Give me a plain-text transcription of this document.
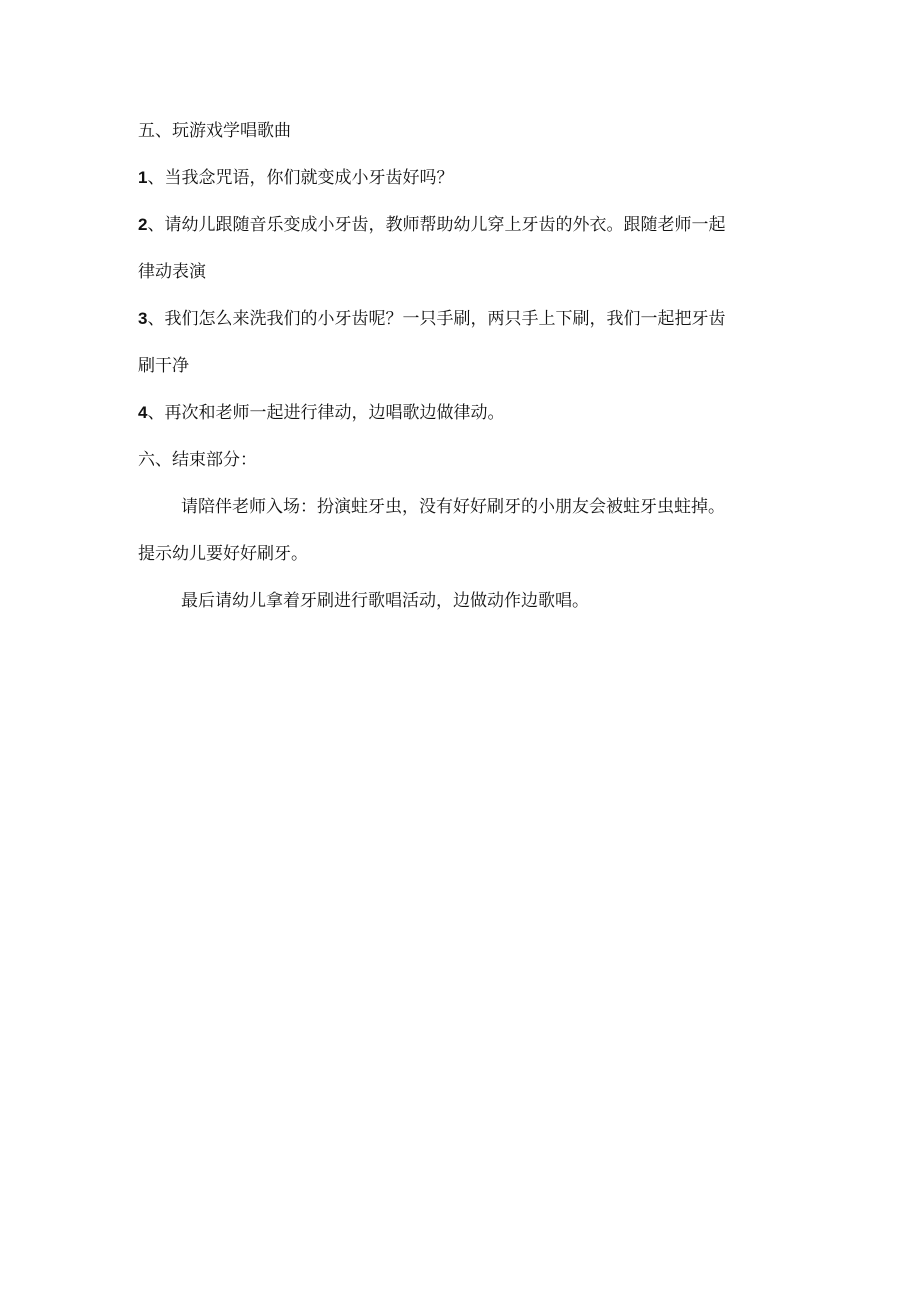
五、玩游戏学唱歌曲
1、当我念咒语，你们就变成小牙齿好吗？
2、请幼儿跟随音乐变成小牙齿，教师帮助幼儿穿上牙齿的外衣。跟随老师一起
律动表演
3、我们怎么来洗我们的小牙齿呢？一只手刷，两只手上下刷，我们一起把牙齿
刷干净
4、再次和老师一起进行律动，边唱歌边做律动。
六、结束部分：
请陪伴老师入场：扮演蛀牙虫，没有好好刷牙的小朋友会被蛀牙虫蛀掉。
提示幼儿要好好刷牙。
最后请幼儿拿着牙刷进行歌唱活动，边做动作边歌唱。
